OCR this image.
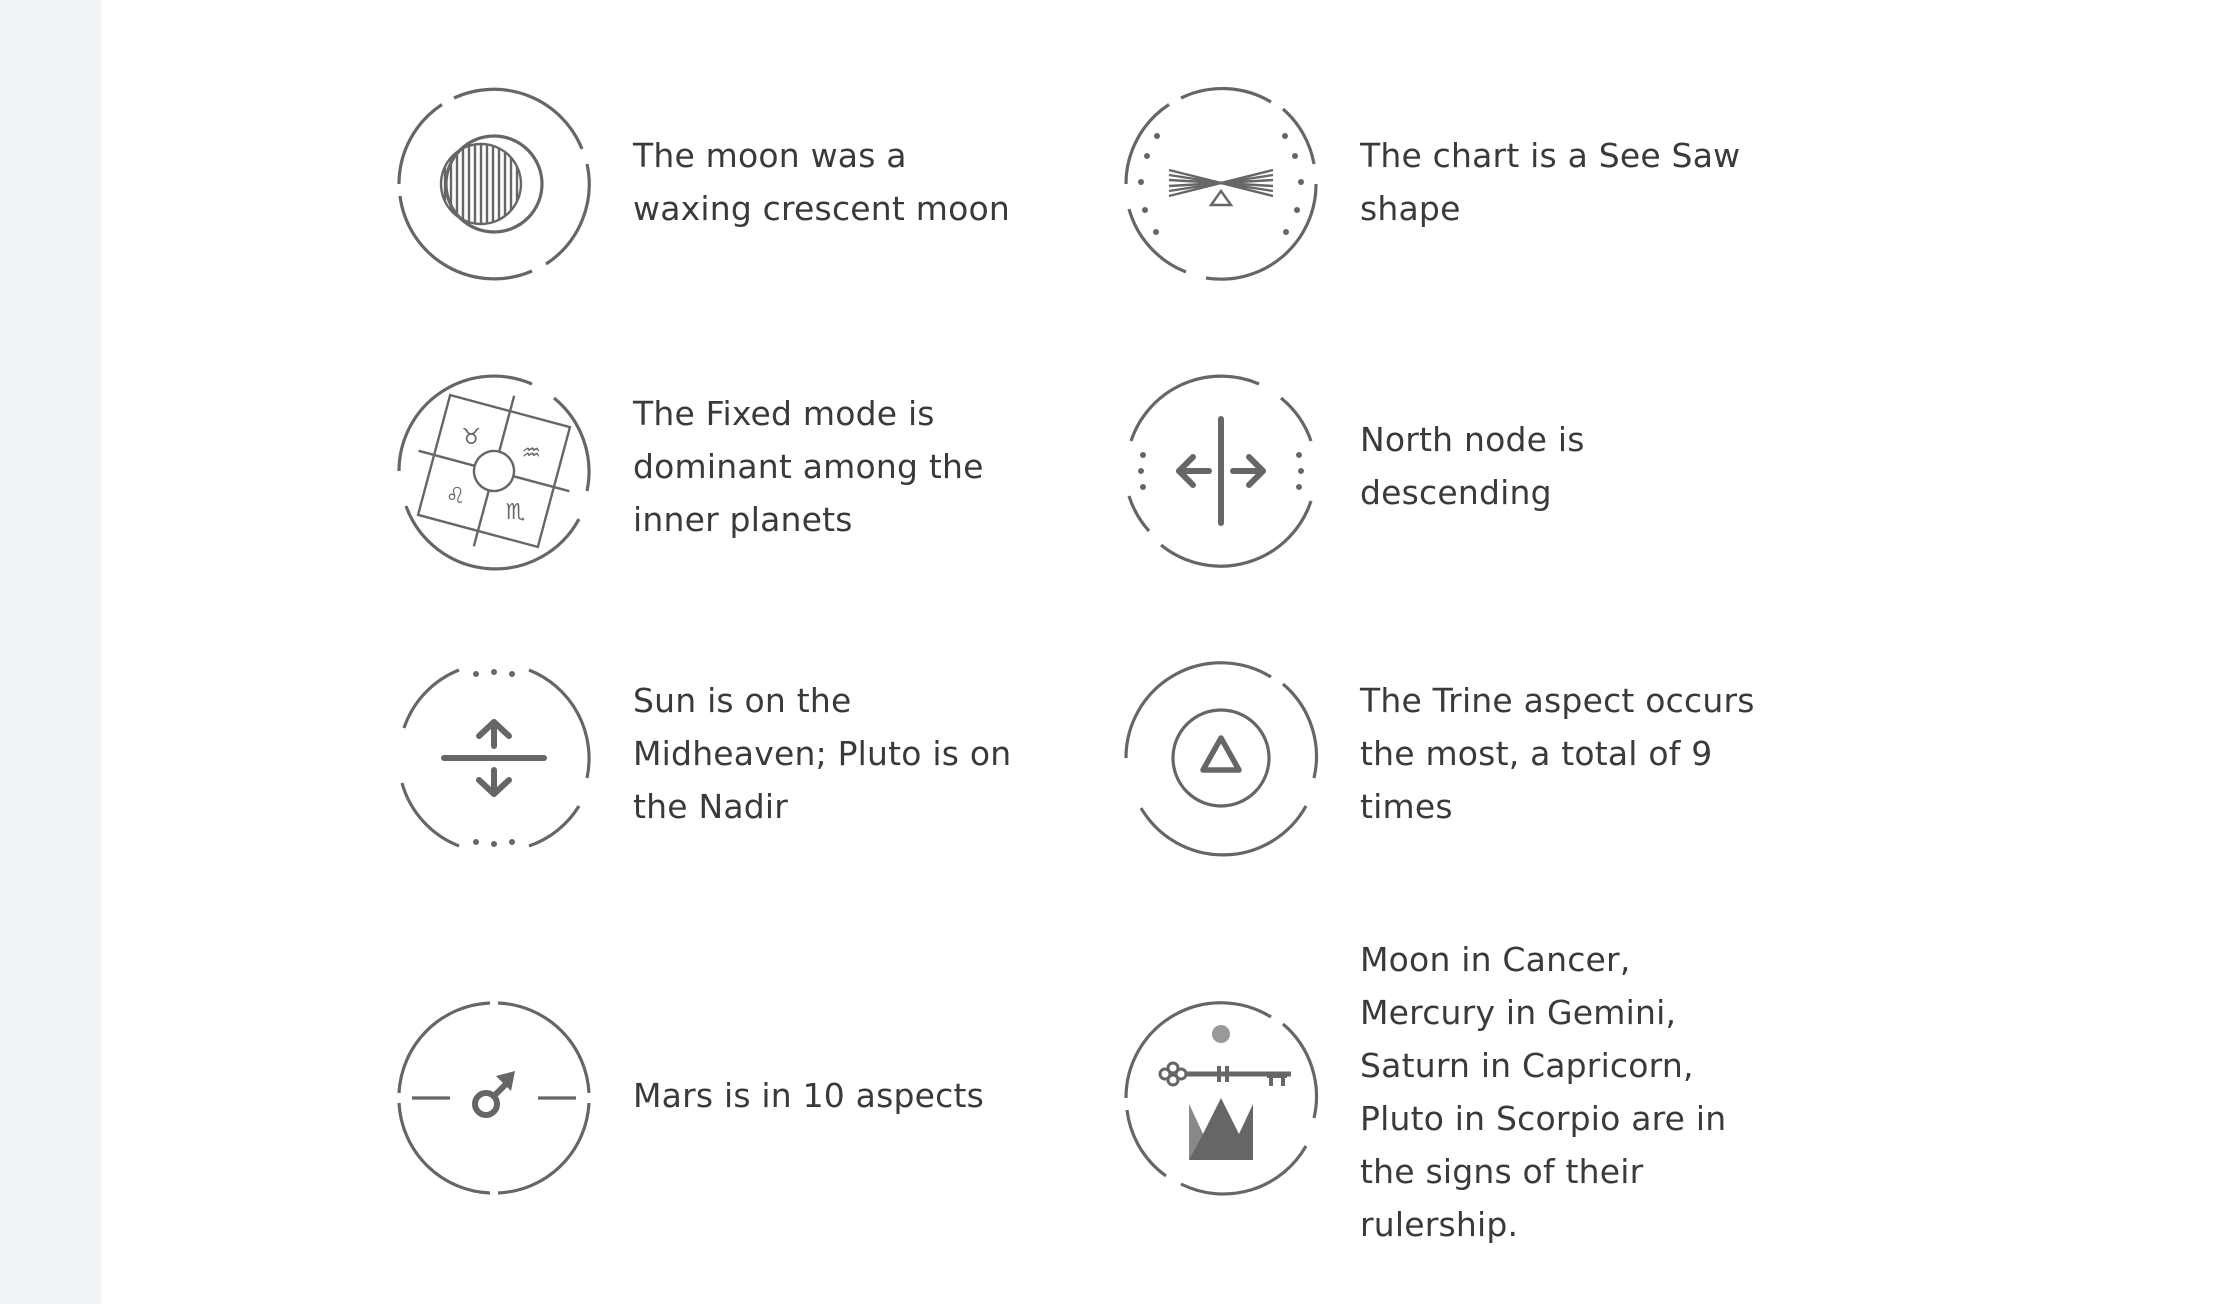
The moon was a waxing crescent moon
The chart is a See Saw shape
♉
♒
♌
♏
The Fixed mode is dominant among the inner planets
North node is descending
Sun is on the Midheaven; Pluto is on the Nadir
The Trine aspect occurs the most, a total of 9 times
Mars is in 10 aspects
Moon in Cancer, Mercury in Gemini, Saturn in Capricorn, Pluto in Scorpio are in the signs of their rulership.
